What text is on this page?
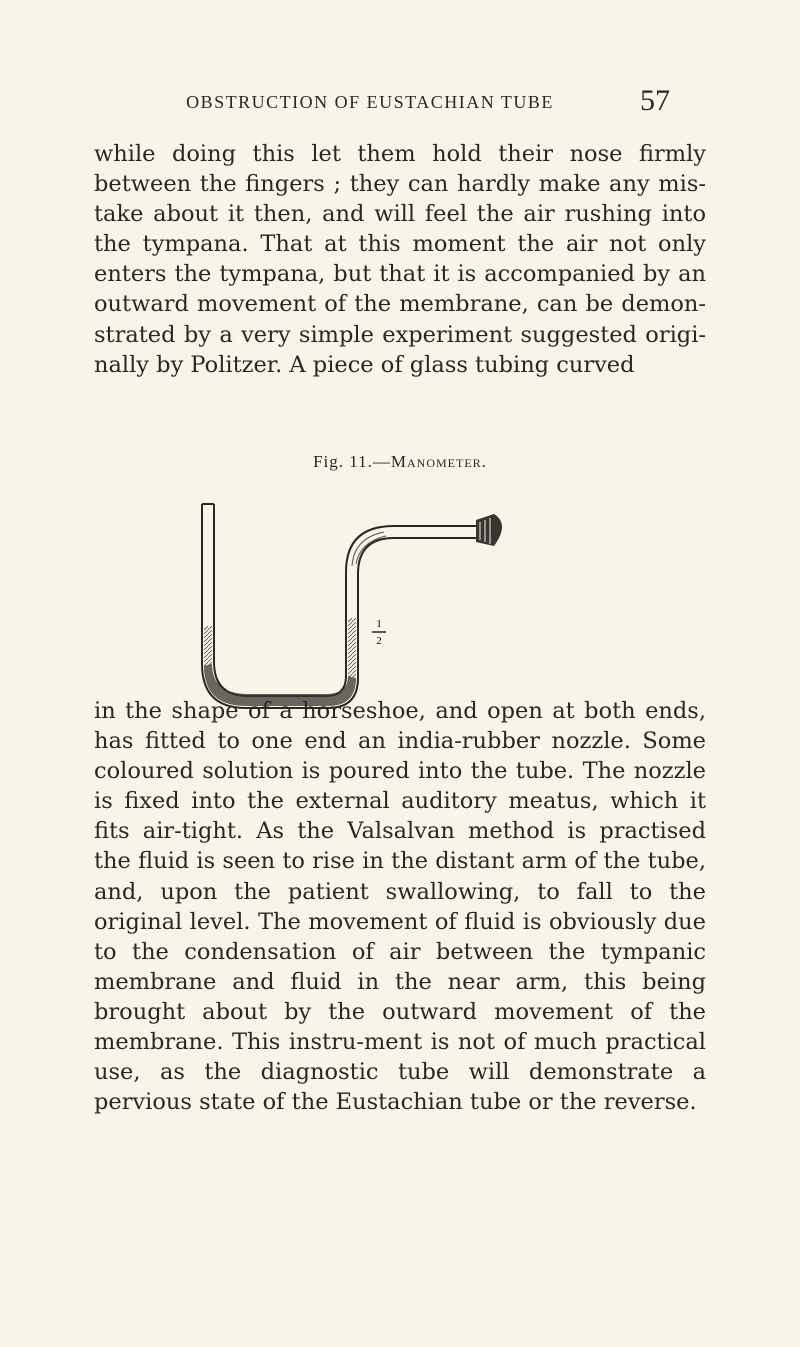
OBSTRUCTION OF EUSTACHIAN TUBE	57

while doing this let them hold their nose firmly between the fingers ; they can hardly make any mis-take about it then, and will feel the air rushing into the tympana. That at this moment the air not only enters the tympana, but that it is accompanied by an outward movement of the membrane, can be demon-strated by a very simple experiment suggested origi-nally by Politzer. A piece of glass tubing curved

Fig. 11.—Manometer.
1
2

in the shape of a horseshoe, and open at both ends, has fitted to one end an india-rubber nozzle. Some coloured solution is poured into the tube. The nozzle is fixed into the external auditory meatus, which it fits air-tight. As the Valsalvan method is practised the fluid is seen to rise in the distant arm of the tube, and, upon the patient swallowing, to fall to the original level. The movement of fluid is obviously due to the condensation of air between the tympanic membrane and fluid in the near arm, this being brought about by the outward movement of the membrane. This instru-ment is not of much practical use, as the diagnostic tube will demonstrate a pervious state of the Eustachian tube or the reverse.
